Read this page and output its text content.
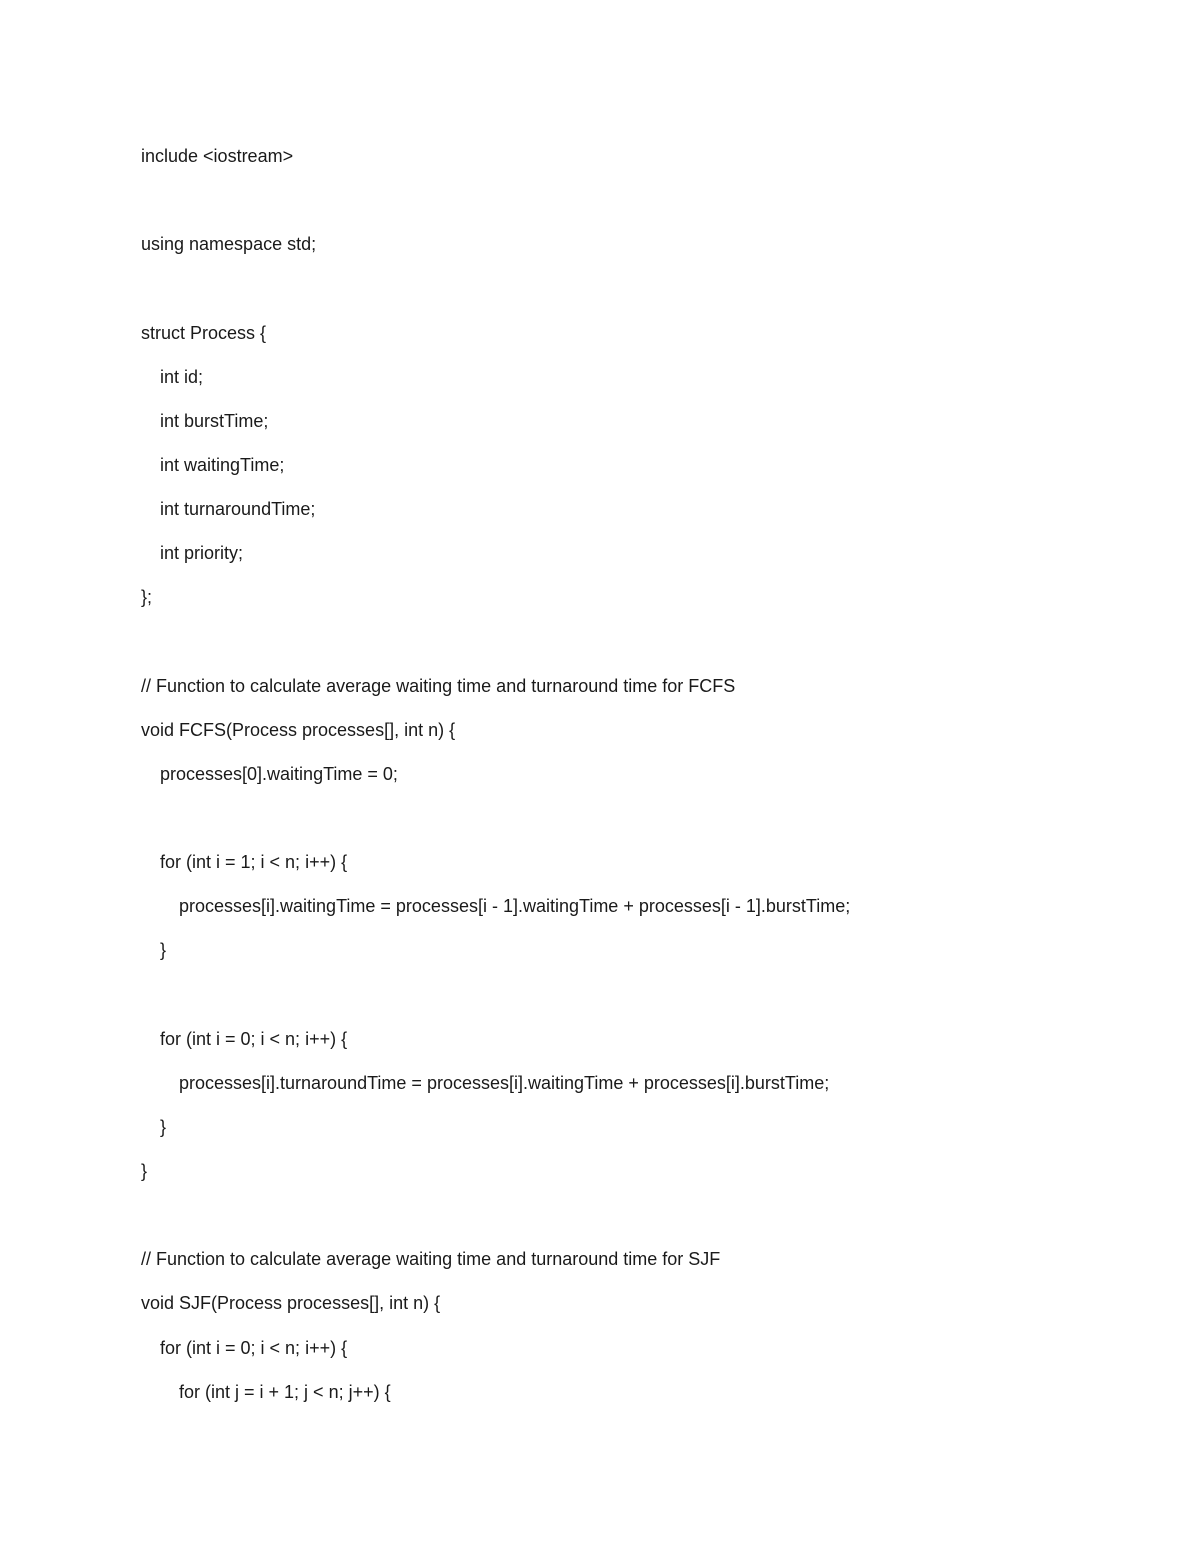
include <iostream>
using namespace std;
struct Process {
int id;
int burstTime;
int waitingTime;
int turnaroundTime;
int priority;
};
// Function to calculate average waiting time and turnaround time for FCFS
void FCFS(Process processes[], int n) {
processes[0].waitingTime = 0;
for (int i = 1; i < n; i++) {
processes[i].waitingTime = processes[i - 1].waitingTime + processes[i - 1].burstTime;
}
for (int i = 0; i < n; i++) {
processes[i].turnaroundTime = processes[i].waitingTime + processes[i].burstTime;
}
}
// Function to calculate average waiting time and turnaround time for SJF
void SJF(Process processes[], int n) {
for (int i = 0; i < n; i++) {
for (int j = i + 1; j < n; j++) {
